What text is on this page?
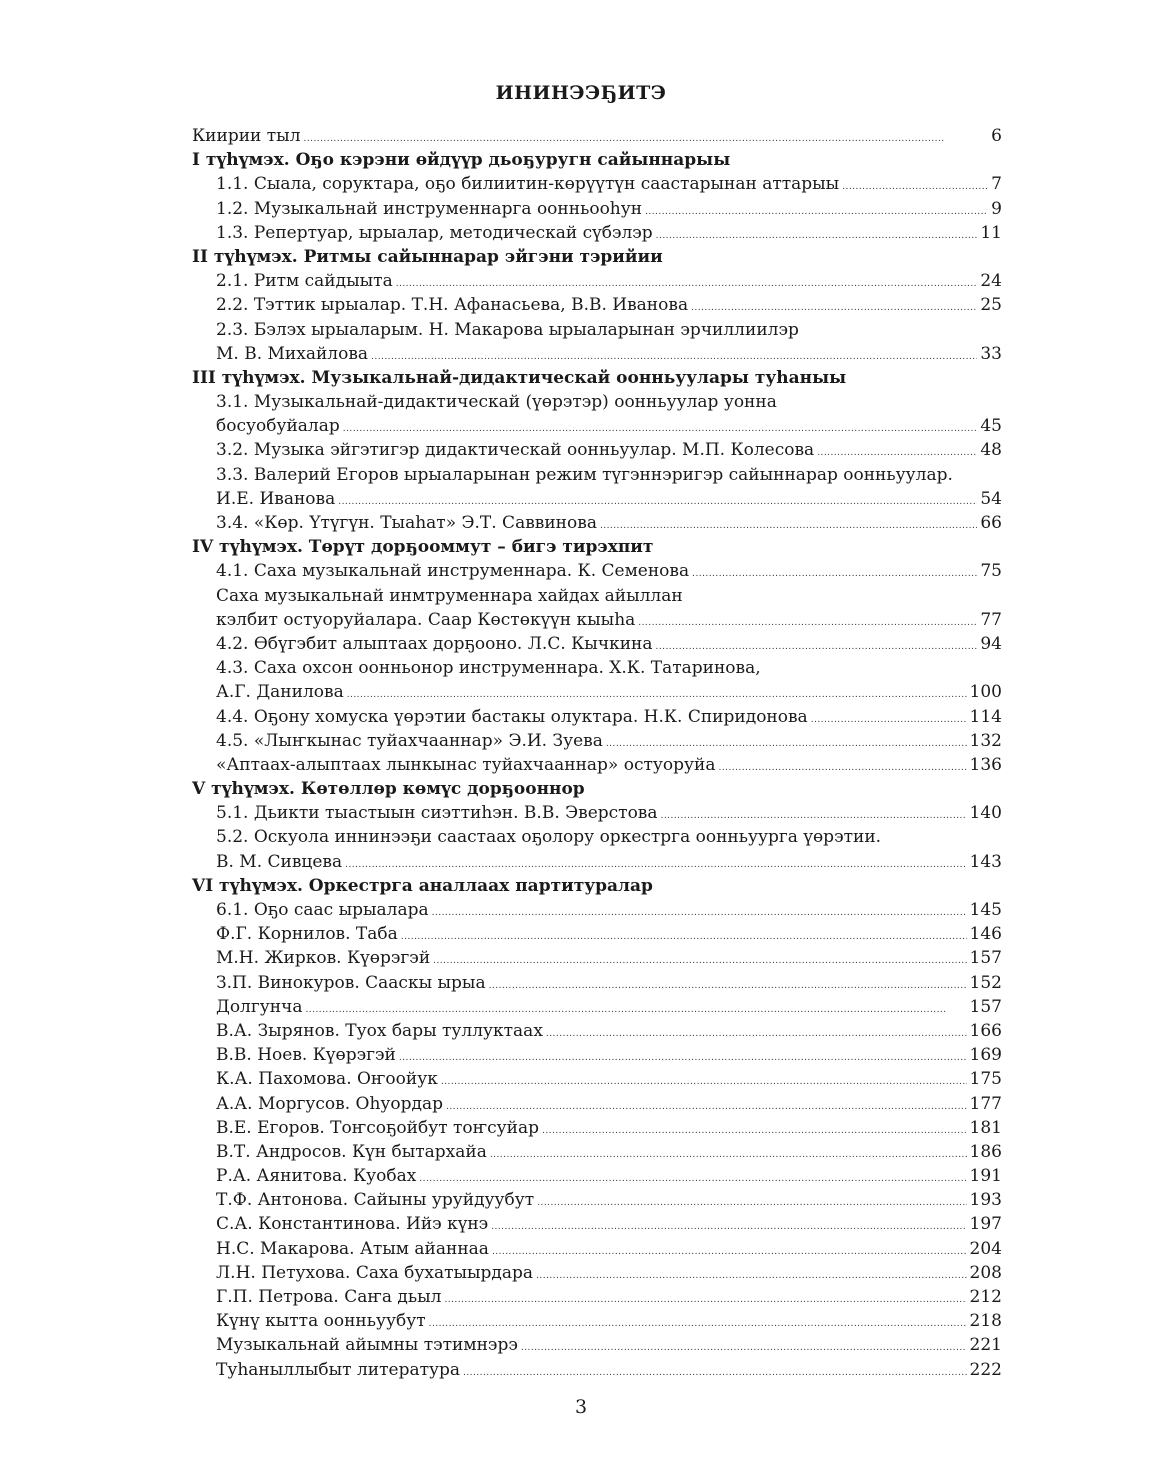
ИНИНЭЭҔИТЭ
Киирии тыл . . .	6
I түһүмэх. Оҕо кэрэни өйдүүр дьоҕуругн сайыннарыы
1.1. Сыала, соруктара, оҕо билиитин-көрүүтүн саастарынан аттарыы . . .	7
1.2. Музыкальнай инструменнарга оонньооһун . . .	9
1.3. Репертуар, ырыалар, методическай сүбэлэр . . .	11
II түһүмэх. Ритмы сайыннарар эйгэни тэрийии
2.1. Ритм сайдыыта . . .	24
2.2. Тэттик ырыалар. Т.Н. Афанасьева, В.В. Иванова . . .	25
2.3. Бэлэх ырыаларым. Н. Макарова ырыаларынан эрчиллиилэр
М. В. Михайлова . . .	33
III түһүмэх. Музыкальнай-дидактическай оонньуулары туһаныы
3.1. Музыкальнай-дидактическай (үөрэтэр) оонньуулар уонна
босуобуйалар . . .	45
3.2. Музыка эйгэтигэр дидактическай оонньуулар. М.П. Колесова . . .	48
3.3. Валерий Егоров ырыаларынан режим түгэннэригэр сайыннарар оонньуулар.
И.Е. Иванова . . .	54
3.4. «Көр. Үтүгүн. Тыаһат» Э.Т. Саввинова . . .	66
IV түһүмэх. Төрүт дорҕооммут – бигэ тирэхпит
4.1. Саха музыкальнай инструменнара. К. Семенова . . .	75
Саха музыкальнай инмтруменнара хайдах айыллан
кэлбит остуоруйалара. Саар Көстөкүүн кыыһа . . .	77
4.2. Өбүгэбит алыптаах дорҕооно. Л.С. Кычкина . . .	94
4.3. Саха охсон оонньонор инструменнара. Х.К. Татаринова,
А.Г. Данилова . . .	100
4.4. Оҕону хомуска үөрэтии бастакы олуктара. Н.К. Спиридонова . . .	114
4.5. «Лыҥкынас туйахчааннар» Э.И. Зуева . . .	132
«Аптаах-алыптаах лынкынас туйахчааннар» остуоруйа . . .	136
V түһүмэх. Көтөллөр көмүс дорҕооннор
5.1. Дьикти тыастыын сиэттиһэн. В.В. Эверстова . . .	140
5.2. Оскуола иннинээҕи саастаах оҕолору оркестрга оонньуурга үөрэтии.
В. М. Сивцева . . .	143
VI түһүмэх. Оркестрга аналлаах партитуралар
6.1. Оҕо саас ырыалара . . .	145
Ф.Г. Корнилов. Таба . . .	146
М.Н. Жирков. Күөрэгэй . . .	157
З.П. Винокуров. Сааскы ырыа . . .	152
Долгунча . . .	157
В.А. Зырянов. Туох бары туллуктаах . . .	166
В.В. Ноев. Күөрэгэй . . .	169
К.А. Пахомова. Оҥоойук . . .	175
А.А. Моргусов. Оһуордар . . .	177
В.Е. Егоров. Тоҥсоҕойбут тоҥсуйар . . .	181
В.Т. Андросов. Күн бытархайа . . .	186
Р.А. Аянитова. Куобах . . .	191
Т.Ф. Антонова. Сайыны уруйдуубут . . .	193
С.А. Константинова. Ийэ күнэ . . .	197
Н.С. Макарова. Атым айаннаа . . .	204
Л.Н. Петухова. Саха бухатыырдара . . .	208
Г.П. Петрова. Саҥа дьыл . . .	212
Күнү кытта оонньуубут . . .	218
Музыкальнай айымны тэтимнэрэ . . .	221
Туһаныллыбыт литература . . .	222
3
